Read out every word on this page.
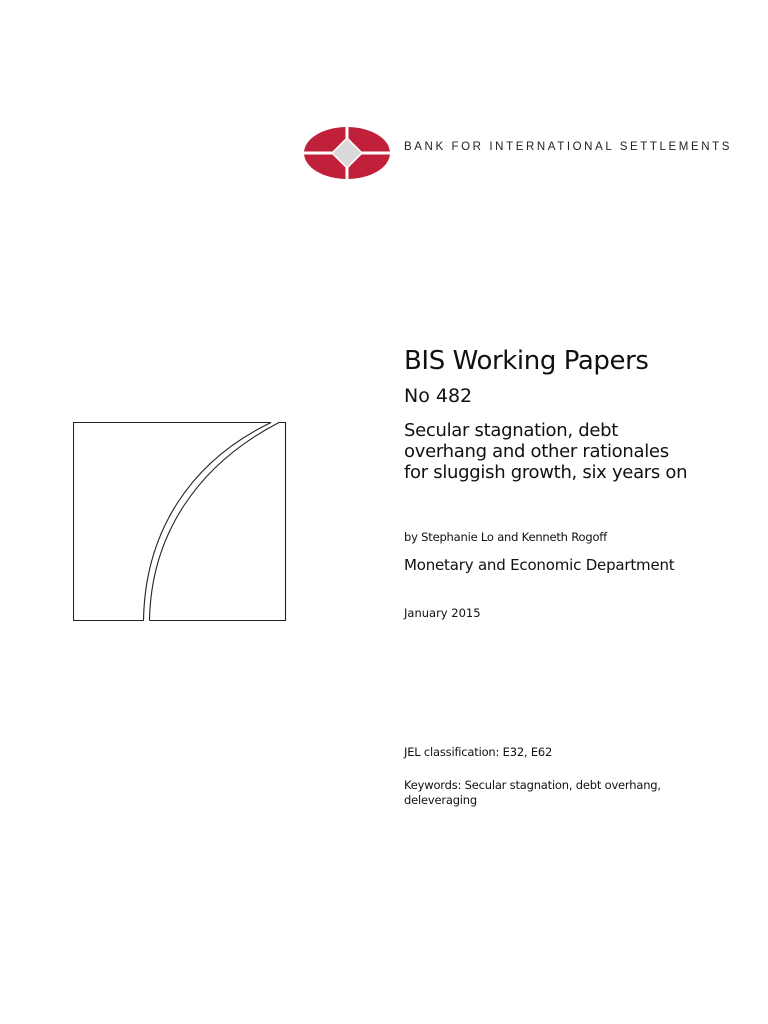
BANK FOR INTERNATIONAL SETTLEMENTS
BIS Working Papers
No 482
Secular stagnation, debt
overhang and other rationales
for sluggish growth, six years on
by Stephanie Lo and Kenneth Rogoff
Monetary and Economic Department
January 2015
JEL classification: E32, E62
Keywords: Secular stagnation, debt overhang,
deleveraging
